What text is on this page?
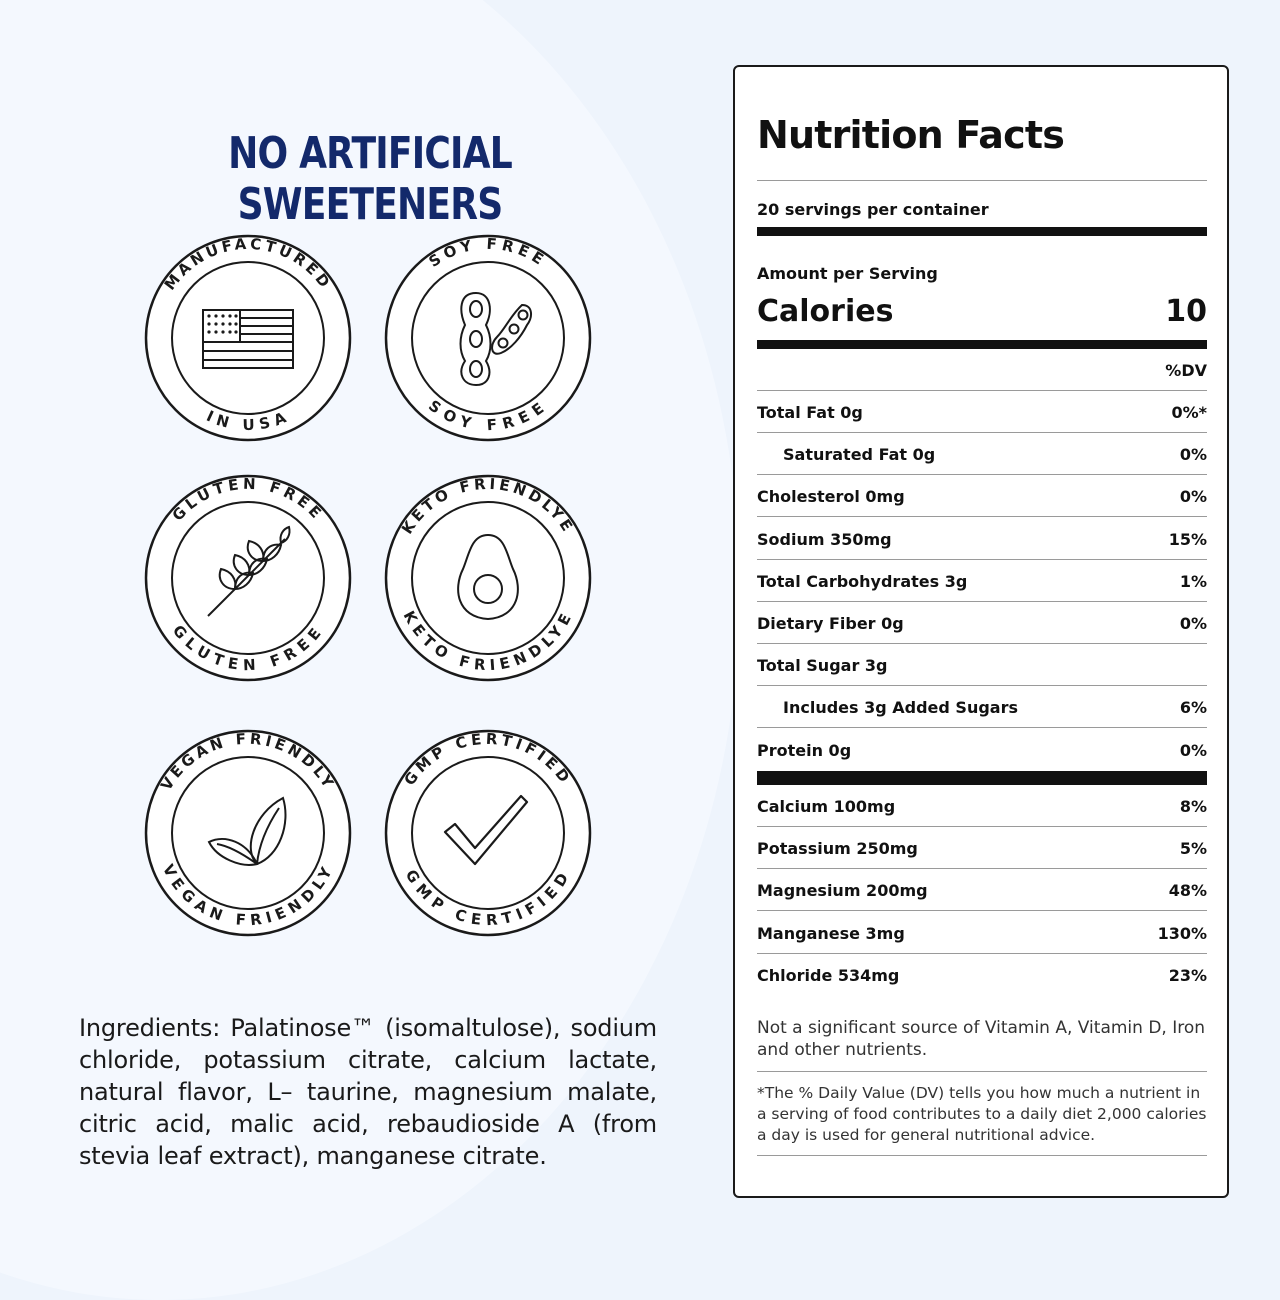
NO ARTIFICIAL SWEETENERS
MANUFACTURED
IN USA
SOY FREE
SOY FREE
GLUTEN FREE
GLUTEN FREE
KETO FRIENDLYE
KETO FRIENDLYE
VEGAN FRIENDLY
VEGAN FRIENDLY
GMP CERTIFIED
GMP CERTIFIED
Ingredients: Palatinose™ (isomaltulose), sodium chloride, potassium citrate, calcium lactate, natural flavor, L– taurine, magnesium malate, citric acid, malic acid, rebaudioside A (from stevia leaf extract), manganese citrate.
Nutrition Facts
20 servings per container
Amount per Serving
Calories	10
%DV
Total Fat 0g	0%*
Saturated Fat 0g	0%
Cholesterol 0mg	0%
Sodium 350mg	15%
Total Carbohydrates 3g	1%
Dietary Fiber 0g	0%
Total Sugar 3g
Includes 3g Added Sugars	6%
Protein 0g	0%
Calcium 100mg	8%
Potassium 250mg	5%
Magnesium 200mg	48%
Manganese 3mg	130%
Chloride 534mg	23%
Not a significant source of Vitamin A, Vitamin D, Iron and other nutrients.
*The % Daily Value (DV) tells you how much a nutrient in a serving of food contributes to a daily diet 2,000 calories a day is used for general nutritional advice.
